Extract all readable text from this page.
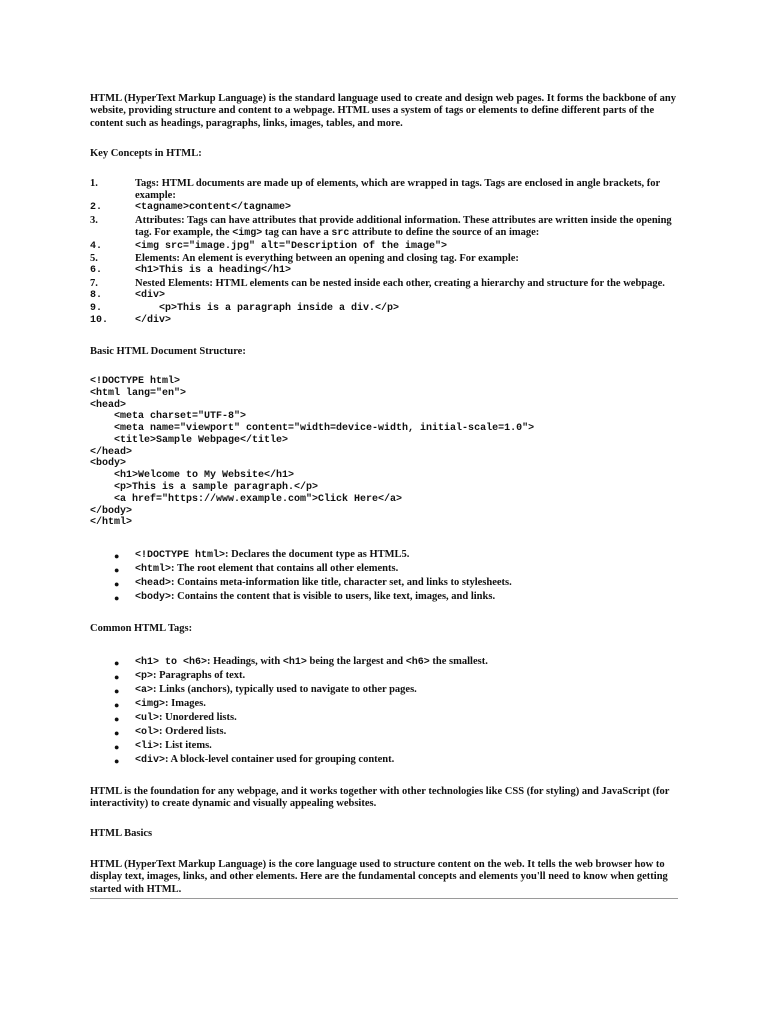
HTML (HyperText Markup Language) is the standard language used to create and design web pages. It forms the backbone of any website, providing structure and content to a webpage. HTML uses a system of tags or elements to define different parts of the content such as headings, paragraphs, links, images, tables, and more.

Key Concepts in HTML:

1.	Tags: HTML documents are made up of elements, which are wrapped in tags. Tags are enclosed in angle brackets, for example:
2.	<tagname>content</tagname>
3.	Attributes: Tags can have attributes that provide additional information. These attributes are written inside the opening tag. For example, the <img> tag can have a src attribute to define the source of an image:
4.	<img src="image.jpg" alt="Description of the image">
5.	Elements: An element is everything between an opening and closing tag. For example:
6.	<h1>This is a heading</h1>
7.	Nested Elements: HTML elements can be nested inside each other, creating a hierarchy and structure for the webpage.
8.	<div>
9.	<p>This is a paragraph inside a div.</p>
10.	</div>

Basic HTML Document Structure:

<!DOCTYPE html>
<html lang="en">
<head>
<meta charset="UTF-8">
<meta name="viewport" content="width=device-width, initial-scale=1.0">
<title>Sample Webpage</title>
</head>
<body>
<h1>Welcome to My Website</h1>
<p>This is a sample paragraph.</p>
<a href="https://www.example.com">Click Here</a>
</body>
</html>
●	<!DOCTYPE html>: Declares the document type as HTML5.
●	<html>: The root element that contains all other elements.
●	<head>: Contains meta-information like title, character set, and links to stylesheets.
●	<body>: Contains the content that is visible to users, like text, images, and links.

Common HTML Tags:

●	<h1> to <h6>: Headings, with <h1> being the largest and <h6> the smallest.
●	<p>: Paragraphs of text.
●	<a>: Links (anchors), typically used to navigate to other pages.
●	<img>: Images.
●	<ul>: Unordered lists.
●	<ol>: Ordered lists.
●	<li>: List items.
●	<div>: A block-level container used for grouping content.

HTML is the foundation for any webpage, and it works together with other technologies like CSS (for styling) and JavaScript (for interactivity) to create dynamic and visually appealing websites.

HTML Basics

HTML (HyperText Markup Language) is the core language used to structure content on the web. It tells the web browser how to display text, images, links, and other elements. Here are the fundamental concepts and elements you'll need to know when getting started with HTML.
